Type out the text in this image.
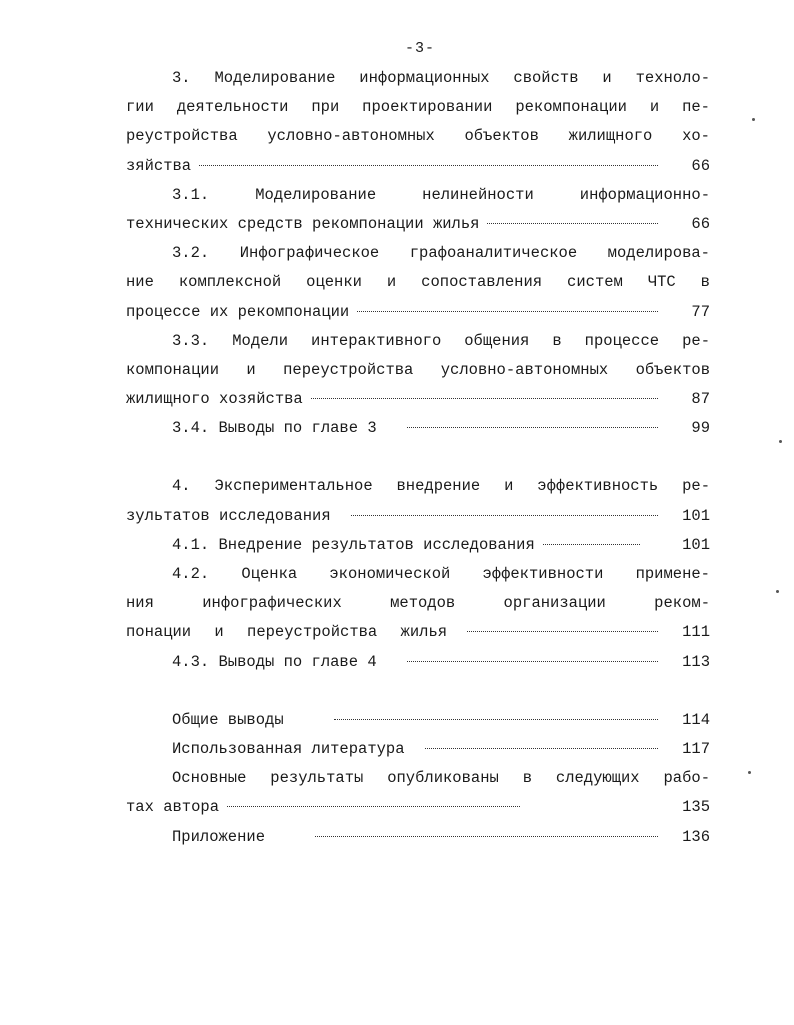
-3-
3. Моделирование информационных свойств и техноло-
гии деятельности при проектировании рекомпонации и пе-
реустройства условно-автономных объектов жилищного хо-
зяйства	66
3.1. Моделирование нелинейности информационно-
технических средств рекомпонации жилья	66
3.2. Инфографическое графоаналитическое моделирова-
ние комплексной оценки и сопоставления систем ЧТС в
процессе их рекомпонации	77
3.3. Модели интерактивного общения в процессе ре-
компонации и переустройства условно-автономных объектов
жилищного хозяйства	87
3.4. Выводы по главе 3	99
4. Экспериментальное внедрение и эффективность ре-
зультатов исследования	101
4.1. Внедрение результатов исследования	101
4.2. Оценка экономической эффективности примене-
ния инфографических методов организации реком-
понации и переустройства жилья	111
4.3. Выводы по главе 4	113
Общие выводы	114
Использованная литература	117
Основные результаты опубликованы в следующих рабо-
тах автора	135
Приложение	136
